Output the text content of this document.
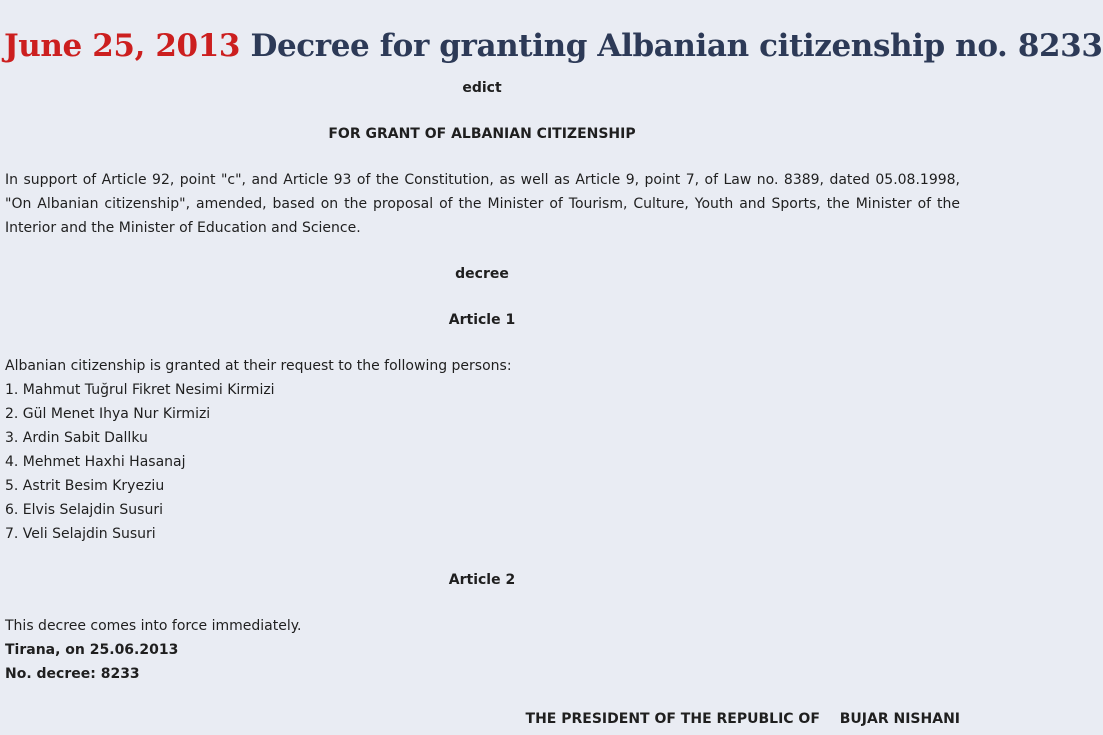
June 25, 2013 Decree for granting Albanian citizenship no. 8233
edict
FOR GRANT OF ALBANIAN CITIZENSHIP

In support of Article 92, point "c", and Article 93 of the Constitution, as well as Article 9, point 7, of Law no. 8389, dated 05.08.1998, "On Albanian citizenship", amended, based on the proposal of the Minister of Tourism, Culture, Youth and Sports, the Minister of the Interior and the Minister of Education and Science.

decree
Article 1
Albanian citizenship is granted at their request to the following persons:
1. Mahmut Tuğrul Fikret Nesimi Kirmizi
2. Gül Menet Ihya Nur Kirmizi
3. Ardin Sabit Dallku
4. Mehmet Haxhi Hasanaj
5. Astrit Besim Kryeziu
6. Elvis Selajdin Susuri
7. Veli Selajdin Susuri
Article 2
This decree comes into force immediately.
Tirana, on 25.06.2013
No. decree: 8233
THE PRESIDENT OF THE REPUBLIC OF BUJAR NISHANI
